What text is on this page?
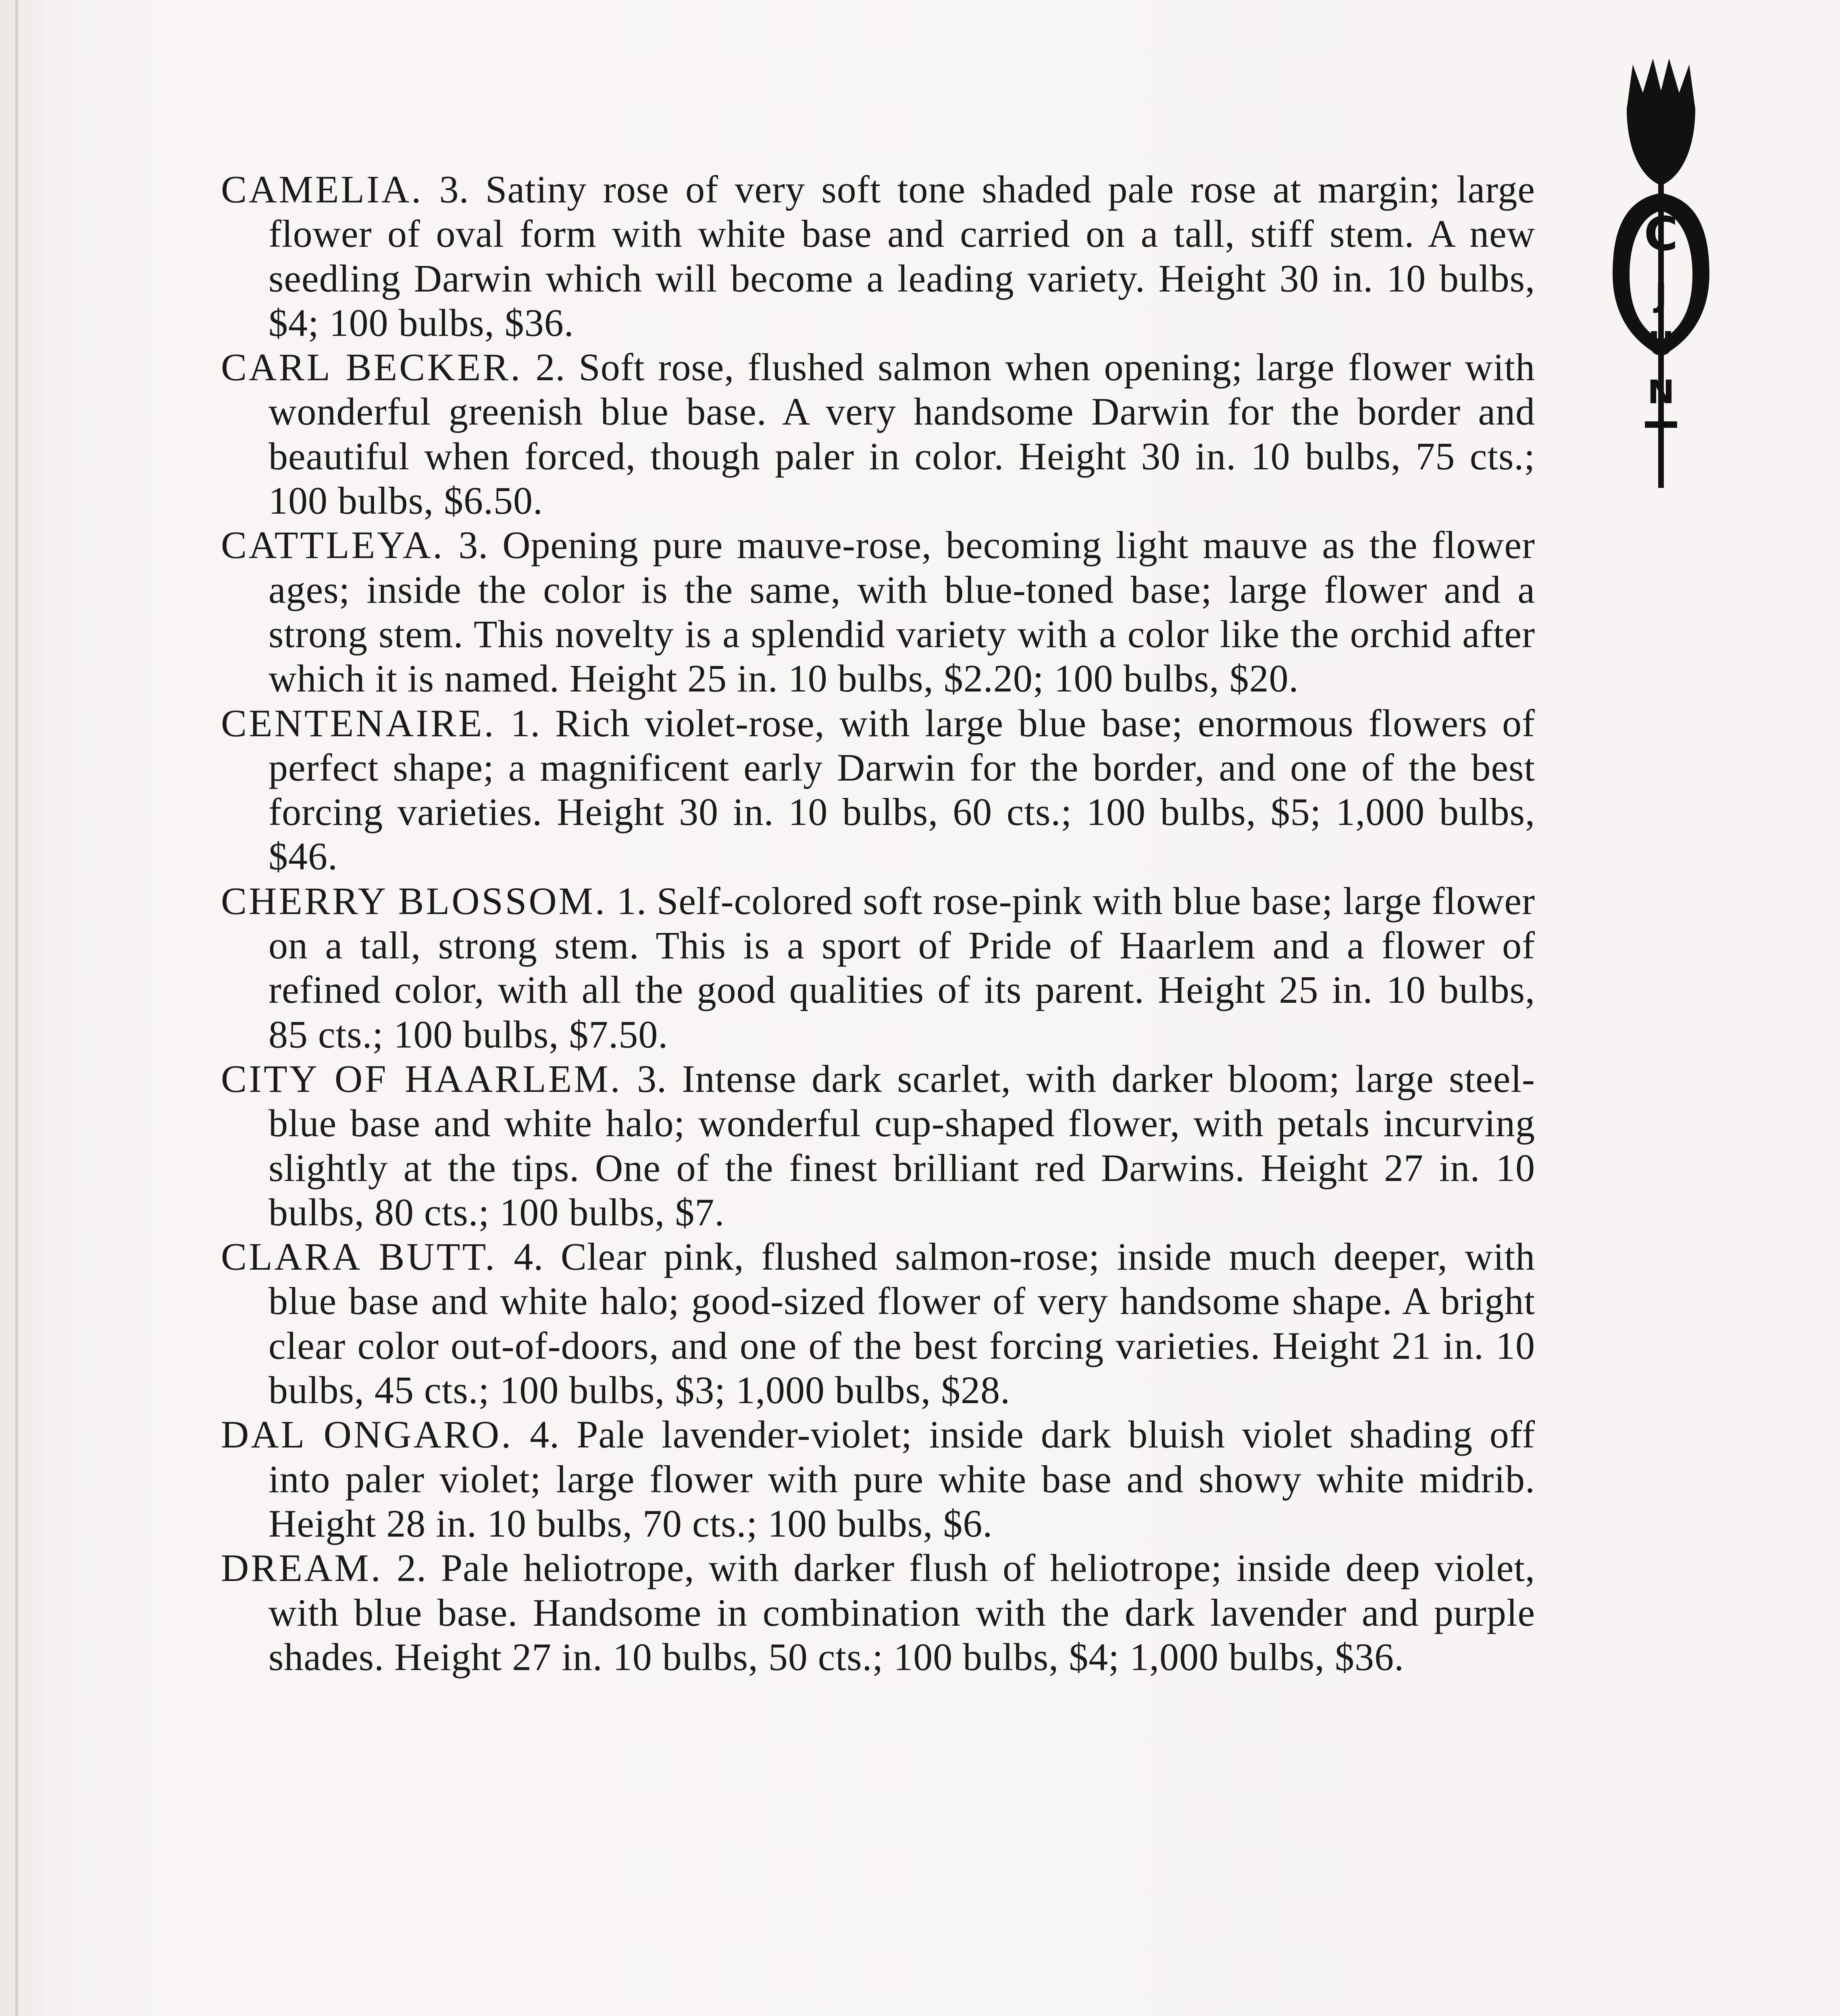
C
J
U
N

CAMELIA. 3. Satiny rose of very soft tone shaded pale rose at margin; large flower of oval form with white base and carried on a tall, stiff stem. A new seedling Darwin which will become a leading variety. Height 30 in. 10 bulbs, $4; 100 bulbs, $36.

CARL BECKER. 2. Soft rose, flushed salmon when opening; large flower with wonderful greenish blue base. A very handsome Darwin for the border and beautiful when forced, though paler in color. Height 30 in. 10 bulbs, 75 cts.; 100 bulbs, $6.50.

CATTLEYA. 3. Opening pure mauve-rose, becoming light mauve as the flower ages; inside the color is the same, with blue-toned base; large flower and a strong stem. This novelty is a splendid variety with a color like the orchid after which it is named. Height 25 in. 10 bulbs, $2.20; 100 bulbs, $20.

CENTENAIRE. 1. Rich violet-rose, with large blue base; enormous flowers of perfect shape; a magnificent early Darwin for the border, and one of the best forcing varieties. Height 30 in. 10 bulbs, 60 cts.; 100 bulbs, $5; 1,000 bulbs, $46.

CHERRY BLOSSOM. 1. Self-colored soft rose-pink with blue base; large flower on a tall, strong stem. This is a sport of Pride of Haarlem and a flower of refined color, with all the good qualities of its parent. Height 25 in. 10 bulbs, 85 cts.; 100 bulbs, $7.50.

CITY OF HAARLEM. 3. Intense dark scarlet, with darker bloom; large steel-blue base and white halo; wonderful cup-shaped flower, with petals incurving slightly at the tips. One of the finest brilliant red Darwins. Height 27 in. 10 bulbs, 80 cts.; 100 bulbs, $7.

CLARA BUTT. 4. Clear pink, flushed salmon-rose; inside much deeper, with blue base and white halo; good-sized flower of very handsome shape. A bright clear color out-of-doors, and one of the best forcing varieties. Height 21 in. 10 bulbs, 45 cts.; 100 bulbs, $3; 1,000 bulbs, $28.

DAL ONGARO. 4. Pale lavender-violet; inside dark bluish violet shading off into paler violet; large flower with pure white base and showy white midrib. Height 28 in. 10 bulbs, 70 cts.; 100 bulbs, $6.

DREAM. 2. Pale heliotrope, with darker flush of heliotrope; inside deep violet, with blue base. Handsome in combination with the dark lavender and purple shades. Height 27 in. 10 bulbs, 50 cts.; 100 bulbs, $4; 1,000 bulbs, $36.
